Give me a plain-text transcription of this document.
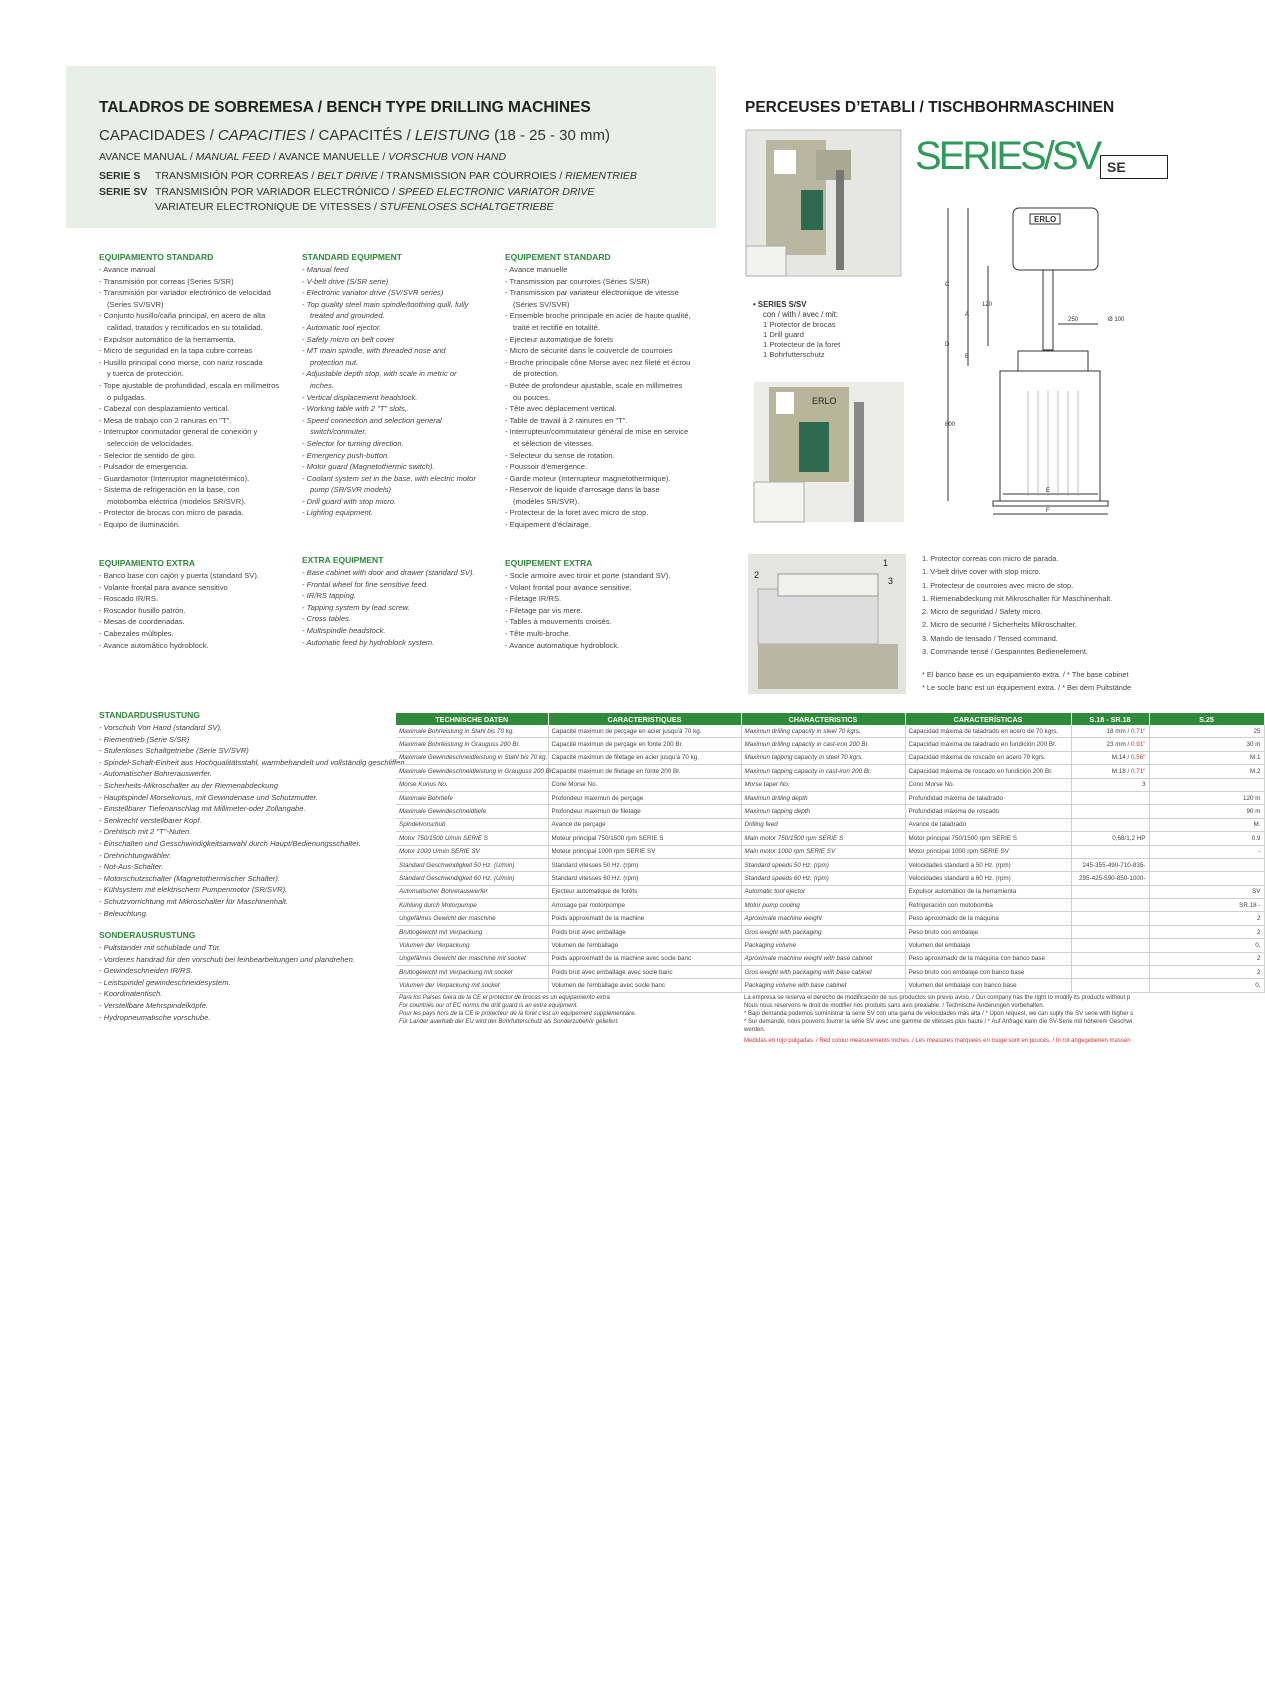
TALADROS DE SOBREMESA / BENCH TYPE DRILLING MACHINES	PERCEUSES D’ETABLI / TISCHBOHRMASCHINEN
CAPACIDADES / CAPACITIES / CAPACITÉS / LEISTUNG (18 - 25 - 30 mm)
AVANCE MANUAL / MANUAL FEED / AVANCE MANUELLE / VORSCHUB VON HAND
SERIE S TRANSMISIÓN POR CORREAS / BELT DRIVE / TRANSMISSION PAR COURROIES / RIEMENTRIEB
SERIE SV TRANSMISIÓN POR VARIADOR ELECTRÓNICO / SPEED ELECTRONIC VARIATOR DRIVE
VARIATEUR ELECTRONIQUE DE VITESSES / STUFENLOSES SCHALTGETRIEBE
EQUIPAMIENTO STANDARD
- Avance manual
- Transmisión por correas (Series S/SR)
- Transmisión por variador electrónico de velocidad
(Series SV/SVR)
- Conjunto husillo/caña principal, en acero de alta
calidad, tratados y rectificados en su totalidad.
- Expulsor automático de la herramienta.
- Micro de seguridad en la tapa cubre correas
- Husillo principal cono morse, con nariz roscada
y tuerca de protección.
- Tope ajustable de profundidad, escala en milímetros
o pulgadas.
- Cabezal con desplazamiento vertical.
- Mesa de trabajo con 2 ranuras en "T".
- Interruptor conmutador general de conexión y
selección de velocidades.
- Selector de sentido de giro.
- Pulsador de emergencia.
- Guardamotor (Interruptor magnetotérmico).
- Sistema de refrigeración en la base, con
motobomba eléctrica (modelos SR/SVR).
- Protector de brocas con micro de parada.
- Equipo de iluminación.
STANDARD EQUIPMENT
- Manual feed
- V-belt drive (S/SR serie)
- Electronic variator drive (SV/SVR series)
- Top quality steel main spindle/toothing quill, fully
treated and grounded.
- Automatic tool ejector.
- Safety micro on belt cover
- MT main spindle, with threaded nose and
protection nut.
- Adjustable depth stop, with scale in metric or
inches.
- Vertical displacement headstock.
- Working table with 2 "T" slots,.
- Speed connection and selection general
switch/conmuter.
- Selector for turning direction.
- Emergency push-button.
- Motor guard (Magnetothermic switch).
- Coolant system set in the base, with electric motor
pump (SR/SVR models)
- Drill guard with stop micro.
- Lighting equipment.
EQUIPEMENT STANDARD
- Avance manuelle
- Transmission par courroies (Séries S/SR)
- Transmission par variateur éléctronique de vitesse
(Séries SV/SVR)
- Ensemble broche principale en acier de haute qualité,
traité et rectifié en totalité.
- Ejecteur automatique de forets
- Micro de sécurité dans le couvercle de courroies
- Broche principale cône Morse avec nez fileté et écrou
de protection.
- Butée de profondeur ajustable, scale en millimetres
ou pouces.
- Tête avec déplacement vertical.
- Table de travail à 2 rainures en "T".
- Interrupteur/commutateur général de mise en service
et sélection de vitesses.
- Selecteur du sense de rotation.
- Poussoir d'emergence.
- Garde moteur (Interrupteur magnetothermique).
- Reservoir de liquide d'arrosage dans la base
(modèles SR/SVR).
- Protecteur de la foret avec micro de stop.
- Equipement d'éclairage.
EQUIPAMIENTO EXTRA
- Banco base con cajón y puerta (standard SV).
- Volante frontal para avance sensitivo
- Roscado IR/RS.
- Roscador husillo patrón.
- Mesas de coordenadas.
- Cabezales múltiples.
- Avance automático hydroblock.
EXTRA EQUIPMENT
- Base cabinet with door and drawer (standard SV).
- Frontal wheel for fine sensitive feed.
- IR/RS tapping.
- Tapping system by lead screw.
- Cross tables.
- Multispindle headstock.
- Automatic feed by hydroblock system.
EQUIPEMENT EXTRA
- Socle armoire avec tiroir et porte (standard SV).
- Volant frontal pour avance sensitive.
- Filetage IR/RS.
- Filetage par vis mere.
- Tables à mouvements croisés.
- Tête multi-broche.
- Avance automatique hydroblock.
STANDARDUSRUSTUNG
- Vorschub Von Hand (standard SV).
- Riementrieb (Serie S/SR)
- Stufenloses Schaltgetriebe (Serie SV/SVR)
- Spindel-Schaft-Einheit aus Hochqualitätsstahl, warmbehandelt und vollständig geschliffen..
- Automatischer Bohrerauswerfer.
- Sicherheits-Mikroschalter au der Riemenabdeckung
- Hauptspindel Morsekonus, mit Gewindenase und Schutzmutter.
- Einstellbarer Tiefenanschlag mit Millimeter-oder Zollangabe.
- Senkrecht verstellbarer Kopf.
- Drehtisch mit 2 "T"-Nuten.
- Einschalten und Gesschwindigkeitsanwahl durch Haupt/Bedienungsschalter.
- Drehrichtungwähler.
- Not-Aus-Schalter.
- Motorschutzschalter (Magnetothermischer Schalter).
- Kühlsystem mit elektrischem Pumpenmotor (SR/SVR).
- Schutzvorrichtung mit Mikroschalter für Maschinenhalt.
- Beleuchtung.
SONDERAUSRUSTUNG
- Pultstander mit schublade und Tür.
- Vorderes handrad für den vorschub bei feinbearbeitungen und plandrehen.
- Gewindeschneiden IR/RS.
- Leistspindel gewindeschneidesystem.
- Koordinatentisch.
- Verstellbare Mehrspindelköpfe.
- Hydropneumatische vorschube.
SERIES/SV SE
• SERIES S/SV
con / with / avec / mit:
1 Protector de brocas
1 Drill guard
1 Protecteur de la foret
1 Bohrfutterschutz
ERLO
ERLO
C
A
D
B
E
F
120
250	Ø 100
800
1
2
3
1. Protector correas con micro de parada.
1. V-belt drive cover with stop micro.
1. Protecteur de courroies avec micro de stop.
1. Riemenabdeckung mit Mikroschalter für Maschinenhalt.
2. Micro de seguridad / Safety micro.
2. Micro de securité / Sicherheits Mikroschalter.
3. Mando de tensado / Tensed command.
3. Commande tensé / Gespanntes Bedienelement.
* El banco base es un equipamiento extra. / * The base cabinet
* Le socle banc est un équipement extra. / * Bei dem Pultstände
TECHNISCHE DATEN	CARACTERISTIQUES	CHARACTERISTICS	CARACTERÍSTICAS	S.18 - SR.18	S.25
Maximale Bohrleistung in Stahl bis 70 kg.	Capacité maximun de perçage en acier jusqu'à 70 kg.	Maximun drilling capacity in steel 70 kgrs.	Capacidad máxima de taladrado en acero de 70 kgrs.	18 mm / 0.71"	25
Maximale Bohrleistung in Grauguss 200 Br.	Capacité maximun de perçage en fonte 200 Br.	Maximun drilling capacity in cast-iron 200 Br.	Capacidad máxima de taladrado en fundición 200 Br.	23 mm / 0.91"	30 m
Maximale Gewindeschneidleistung in Stahl bis 70 kg.	Capacité maximun de filetage en acier jusqu'à 70 kg.	Maximun tapping capacity in steel 70 kgrs.	Capacidad máxima de roscado en acero 70 kgrs.	M.14 / 0.56"	M.1
Maximale Gewindeschneidleistung in Grauguss 200 Br.	Capacité maximun de filetage en fonte 200 Br.	Maximun tapping capacity in cast-iron 200 Br.	Capacidad máxima de roscado en fundición 200 Br.	M.18 / 0.71"	M.2
Morse Konus No.	Cone Morse No.	Morse taper No.	Cono Morse No.	3	
Maximale Bohrtiefe	Profondeur maximun de perçage	Maximun drilling depth	Profundidad máxima de taladrado		120 m
Maximale Gewindeschneidtiefe	Profondeur maximun de filetage	Maximun tapping depth	Profundidad máxima de roscado		90 m
Spindelvorschub	Avance de perçage	Drilling feed	Avance de taladrado		M.
Motor 750/1500 U/min SERIE S	Moteur principal 750/1500 rpm SERIE S	Main motor 750/1500 rpm SERIE S	Motor principal 750/1500 rpm SERIE S	0,68/1,2 HP	0.9
Motor 1000 U/min SERIE SV	Moteur principal 1000 rpm SERIE SV	Main motor 1000 rpm SERIE SV	Motor principal 1000 rpm SERIE SV		-
Standard Geschwindigkeit 50 Hz. (U/min)	Standard vitesses 50 Hz. (rpm)	Standard speeds 50 Hz. (rpm)	Velocidades standard a 50 Hz. (rpm)	245-355-490-710-835-	
Standard Geschwindigkeit 60 Hz. (U/min)	Standard vitesses 60 Hz. (rpm)	Standard speeds 60 Hz. (rpm)	Velocidades standard a 60 Hz. (rpm)	295-425-590-850-1000-	
Automatischer Bohrerauswerfer	Ejecteur automatique de forêts	Automatic tool ejector	Expulsor automático de la herramienta		SV
Kühlung durch Motorpumpe	Arrosage par motorpompe	Motor pump cooling	Refrigeración con motobomba		SR.18 -
Ungefähres Gewicht der maschine	Poids approximatif de la machine	Aproximate machine weight	Peso aproximado de la máquina		2
Bruttogewicht mit Verpackung	Poids brut avec emballage	Gros weight with packaging	Peso bruto con embalaje		2
Volumen der Verpackung	Volumen de l'emballage	Packaging volume	Volumen del embalaje		0,
Ungefähres Gewicht der maschine mit socket	Poids approximatif de la machine avec socle banc	Aproximate machine weight with base cabinet	Peso aproximado de la máquina con banco base		2
Bruttogewicht mit Verpackung mit socket	Poids brut avec emballage avec socle banc	Gros weight with packaging with base cabinet	Peso bruto con embalaje con banco base		2
Volumen der Verpackung mit socket	Volumen de l'emballage avec socle banc	Packaging volume with base cabinet	Volumen del embalaje con banco base		0,
Para los Países fuera de la CE el protector de brocas es un equipamiento extra
For countries our of EC norms the drill guard is an extra equipment.
Pour les pays hors de la CE le protecteur de la foret c'est un equipement supplémentaire.
Für Lander auerhalb der EU wird der Bohrfutterschutz als Sonderzubehör geliefert.
La empresa se reserva el derecho de modificación de sus productos sin previo aviso. / Our company has the right to modify its products without p
Nous nous reservons le droit de modifier nos produits sans avis préalable. / Technische Anderungen vorbehalten.
* Bajo demanda podemos suministrar la serie SV con una gama de velocidades más alta / * Upon request, we can suply the SV serie with higher s
* Sur demande, nous pouvons fournir la série SV avec une gamme de vitesses plus haute / * Auf Anfrage kann die SV-Serie mit höherem Geschwi
werden.
Medidas en rojo pulgadas. / Red colour measurements inches. / Les measures marquees en rouge sont en pouces. / In rot angegebenen massen
